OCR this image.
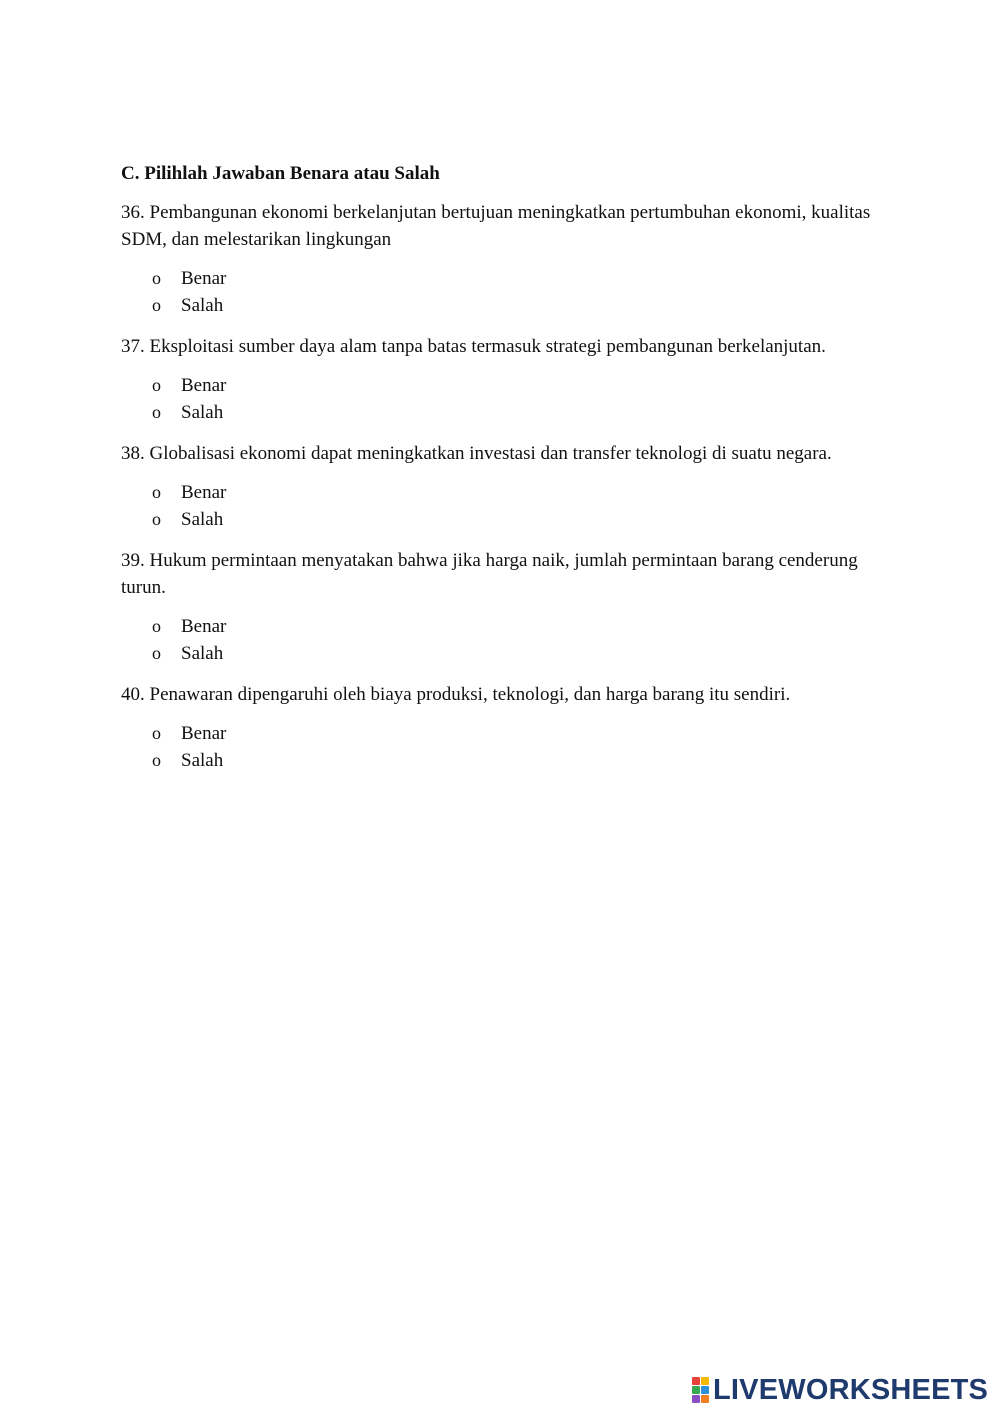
C. Pilihlah Jawaban Benara atau Salah

36. Pembangunan ekonomi berkelanjutan bertujuan meningkatkan pertumbuhan ekonomi, kualitas SDM, dan melestarikan lingkungan

o	Benar
o	Salah

37. Eksploitasi sumber daya alam tanpa batas termasuk strategi pembangunan berkelanjutan.

o	Benar
o	Salah

38. Globalisasi ekonomi dapat meningkatkan investasi dan transfer teknologi di suatu negara.

o	Benar
o	Salah

39. Hukum permintaan menyatakan bahwa jika harga naik, jumlah permintaan barang cenderung turun.

o	Benar
o	Salah

40. Penawaran dipengaruhi oleh biaya produksi, teknologi, dan harga barang itu sendiri.

o	Benar
o	Salah
LIVEWORKSHEETS
